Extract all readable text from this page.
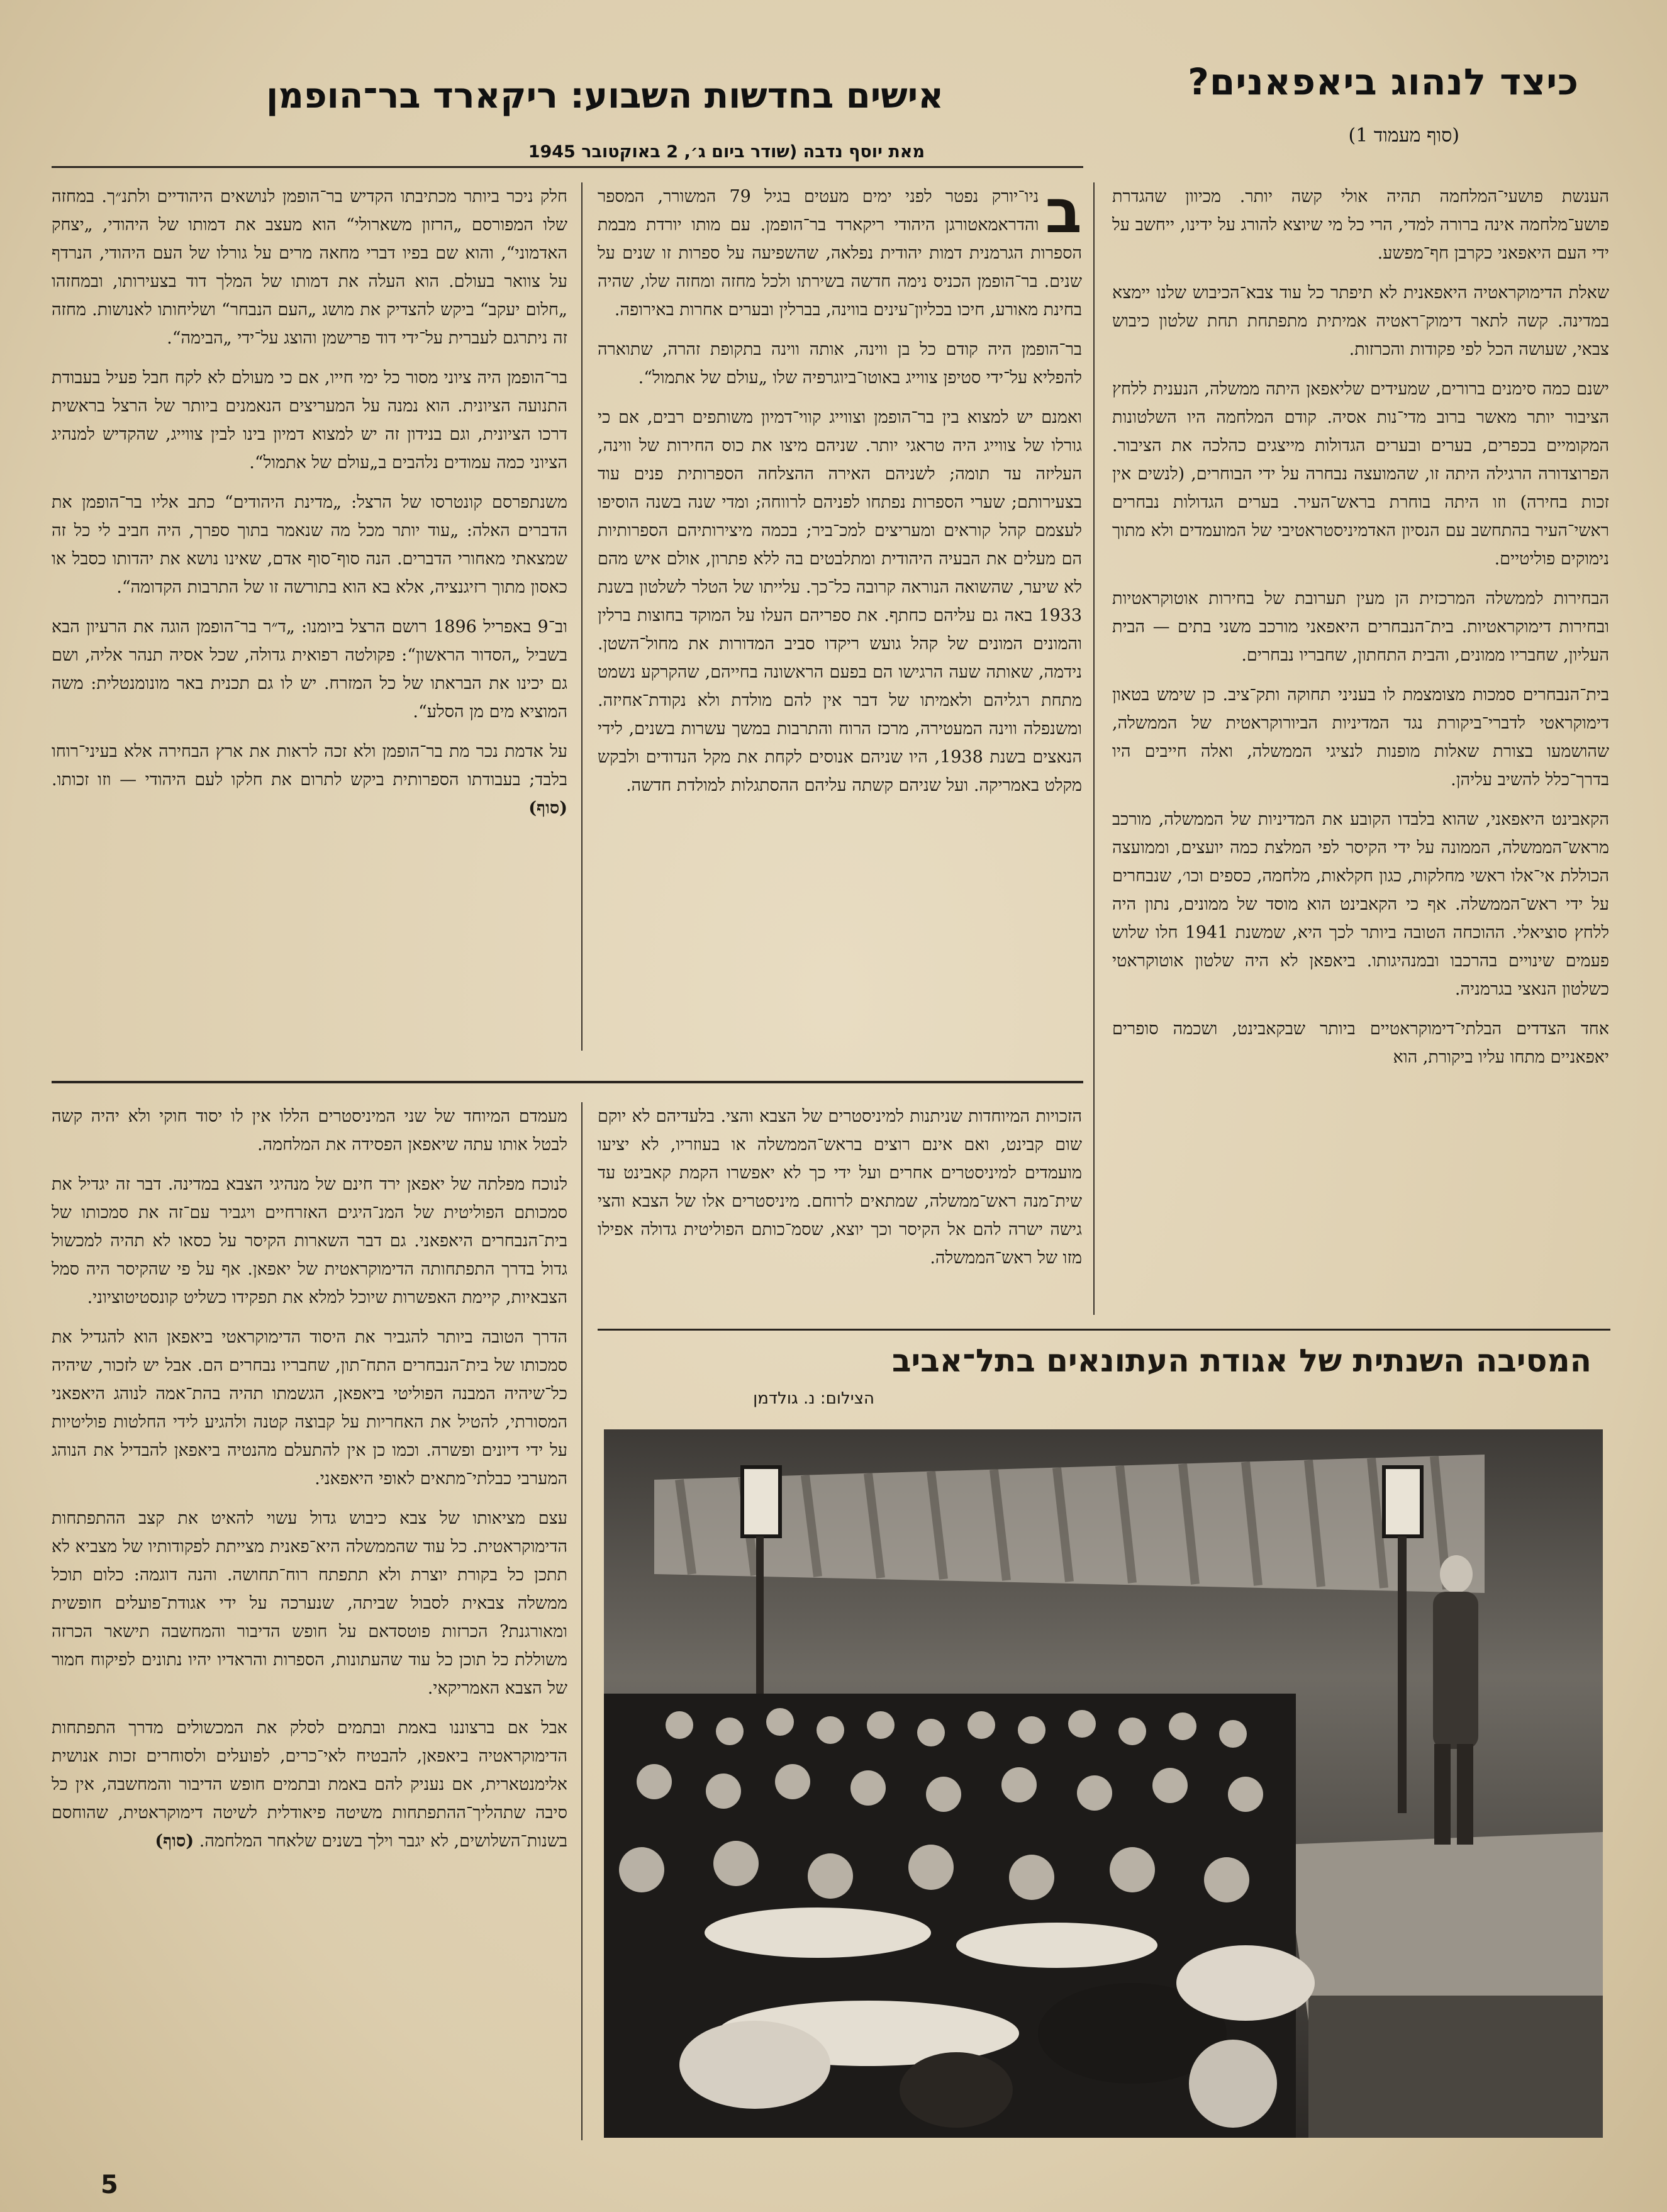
כיצד לנהוג ביאפאנים?
(סוף מעמוד 1)
אישים בחדשות השבוע: ריקארד בר־הופמן
מאת יוסף נדבה (שודר ביום ג׳, 2 באוקטובר 1945

הענשת פושעי־המלחמה תהיה אולי קשה יותר. מכיוון שהגדרת פושע־מלחמה אינה ברורה למדי, הרי כל מי שיוצא להורג על ידינו, ייחשב על ידי העם היאפאני כקרבן חף־מפשע.

שאלת הדימוקראטיה היאפאנית לא תיפתר כל עוד צבא־הכיבוש שלנו יימצא במדינה. קשה לתאר דימוק־ראטיה אמיתית מתפתחת תחת שלטון כיבוש צבאי, שעושה הכל לפי פקודות והכרזות.

ישנם כמה סימנים ברורים, שמעידים שליאפאן היתה ממשלה, הנענית ללחץ הציבור יותר מאשר ברוב מדי־נות אסיה. קודם המלחמה היו השלטונות המקומיים בכפרים, בערים ובערים הגדולות מייצגים כהלכה את הציבור. הפרוצדורה הרגילה היתה זו, שהמועצה נבחרה על ידי הבוחרים, (לנשים אין זכות בחירה) וזו היתה בוחרת בראש־העיר. בערים הגדולות נבחרים ראשי־העיר בהתחשב עם הנסיון האדמיניסטראטיבי של המועמדים ולא מתוך נימוקים פוליטיים.

הבחירות לממשלה המרכזית הן מעין תערובת של בחירות אוטוקראטיות ובחירות דימוקראטיות. בית־הנבחרים היאפאני מורכב משני בתים — הבית העליון, שחבריו ממונים, והבית התחתון, שחבריו נבחרים.

בית־הנבחרים סמכות מצומצמת לו בעניני תחוקה ותק־ציב. כן שימש בטאון דימוקראטי לדברי־ביקורת נגד המדיניות הביורוקראטית של הממשלה, שהושמעו בצורת שאלות מופנות לנציגי הממשלה, ואלה חייבים היו בדרך־כלל להשיב עליהן.

הקאבינט היאפאני, שהוא בלבדו הקובע את המדיניות של הממשלה, מורכב מראש־הממשלה, הממונה על ידי הקיסר לפי המלצת כמה יועצים, וממועצה הכוללת אי־אלו ראשי מחלקות, כגון חקלאות, מלחמה, כספים וכו׳, שנבחרים על ידי ראש־הממשלה. אף כי הקאבינט הוא מוסד של ממונים, נתון היה ללחץ סוציאלי. ההוכחה הטובה ביותר לכך היא, שמשנת 1941 חלו שלוש פעמים שינויים בהרכבו ובמנהיגותו. ביאפאן לא היה שלטון אוטוקראטי כשלטון הנאצי בגרמניה.

אחד הצדדים הבלתי־דימוקראטיים ביותר שבקאבינט, ושכמה סופרים יאפאניים מתחו עליו ביקורת, הוא

ב
ניו־יורק נפטר לפני ימים מעטים בגיל 79 המשורר, המספר והדראמאטורגן היהודי ריקארד בר־הופמן. עם מותו יורדת מבמת הספרות הגרמנית דמות יהודית נפלאה, שהשפיעה על ספרות זו שנים על שנים. בר־הופמן הכניס נימה חדשה בשירתו ולכל מחזה ומחזה שלו, שהיה בחינת מאורע, חיכו בכליון־עינים בווינה, בברלין ובערים אחרות באירופה.

בר־הופמן היה קודם כל בן ווינה, אותה ווינה בתקופת זהרה, שתוארה להפליא על־ידי סטיפן צווייג באוטו־ביוגרפיה שלו „עולם של אתמול“.

ואמנם יש למצוא בין בר־הופמן וצווייג קווי־דמיון משותפים רבים, אם כי גורלו של צווייג היה טראגי יותר. שניהם מיצו את כוס החירות של ווינה, העליזה עד תומה; לשניהם האירה ההצלחה הספרותית פנים עוד בצעירותם; שערי הספרות נפתחו לפניהם לרווחה; ומדי שנה בשנה הוסיפו לעצמם קהל קוראים ומעריצים למכ־ביר; בכמה מיצירותיהם הספרותיות הם מעלים את הבעיה היהודית ומתלבטים בה ללא פתרון, אולם איש מהם לא שיער, שהשואה הנוראה קרובה כל־כך. עלייתו של הטלר לשלטון בשנת 1933 באה גם עליהם כחתף. את ספריהם העלו על המוקד בחוצות ברלין והמונים המונים של קהל גועש ריקדו סביב המדורות את מחול־השטן. נידמה, שאותה שעה הרגישו הם בפעם הראשונה בחייהם, שהקרקע נשמט מתחת רגליהם ולאמיתו של דבר אין להם מולדת ולא נקודת־אחיזה. ומשנפלה ווינה המעטירה, מרכז הרוח והתרבות במשך עשרות בשנים, לידי הנאצים בשנת 1938, היו שניהם אנוסים לקחת את מקל הנדודים ולבקש מקלט באמריקה. ועל שניהם קשתה עליהם ההסתגלות למולדת חדשה.

חלק ניכר ביותר מכתיבתו הקדיש בר־הופמן לנושאים היהודיים ולתנ״ך. במחזה שלו המפורסם „הרזון משארולי“ הוא מעצב את דמותו של היהודי, „יצחק האדמוני“, והוא שם בפיו דברי מחאה מרים על גורלו של העם היהודי, הנרדף על צוואר בעולם. הוא העלה את דמותו של המלך דוד בצעירותו, ובמחזהו „חלום יעקב“ ביקש להצדיק את מושג „העם הנבחר“ ושליחותו לאנושות. מחזה זה ניתרגם לעברית על־ידי דוד פרישמן והוצג על־ידי „הבימה“.

בר־הופמן היה ציוני מסור כל ימי חייו, אם כי מעולם לא לקח חבל פעיל בעבודת התנועה הציונית. הוא נמנה על המעריצים הנאמנים ביותר של הרצל בראשית דרכו הציונית, וגם בנידון זה יש למצוא דמיון בינו לבין צווייג, שהקדיש למנהיג הציוני כמה עמודים נלהבים ב„עולם של אתמול“.

משנתפרסם קונטרסו של הרצל: „מדינת היהודים“ כתב אליו בר־הופמן את הדברים האלה: „עוד יותר מכל מה שנאמר בתוך ספרך, היה חביב לי כל זה שמצאתי מאחורי הדברים. הנה סוף־סוף אדם, שאינו נושא את יהדותו כסבל או כאסון מתוך רזיגנציה, אלא בא הוא בתורשה זו של התרבות הקדומה“.

וב־9 באפריל 1896 רושם הרצל ביומנו: „ד״ר בר־הופמן הוגה את הרעיון הבא בשביל „הסדור הראשון“: פקולטה רפואית גדולה, שכל אסיה תנהר אליה, ושם גם יכינו את הבראתו של כל המזרח. יש לו גם תכנית באר מונומנטלית: משה המוציא מים מן הסלע“.

על אדמת נכר מת בר־הופמן ולא זכה לראות את ארץ הבחירה אלא בעיני־רוחו בלבד; בעבודתו הספרותית ביקש לתרום את חלקו לעם היהודי — וזו זכותו. (סוף)

הזכויות המיוחדות שניתנות למיניסטרים של הצבא והצי. בלעדיהם לא יוקם שום קבינט, ואם אינם רוצים בראש־הממשלה או בעוזריו, לא יציעו מועמדים למיניסטרים אחרים ועל ידי כך לא יאפשרו הקמת קאבינט עד שית־מנה ראש־ממשלה, שמתאים לרוחם. מיניסטרים אלו של הצבא והצי גישה ישרה להם אל הקיסר וכך יוצא, שסמ־כותם הפוליטית גדולה אפילו מזו של ראש־הממשלה.

מעמדם המיוחד של שני המיניסטרים הללו אין לו יסוד חוקי ולא יהיה קשה לבטל אותו עתה שיאפאן הפסידה את המלחמה.

לנוכח מפלתה של יאפאן ירד חינם של מנהיגי הצבא במדינה. דבר זה יגדיל את סמכותם הפוליטית של המנ־היגים האזרחיים ויגביר עם־זה את סמכותו של בית־הנבחרים היאפאני. גם דבר השארות הקיסר על כסאו לא תהיה למכשול גדול בדרך התפתחותה הדימוקראטית של יאפאן. אף על פי שהקיסר היה סמל הצבאיות, קיימת האפשרות שיוכל למלא את תפקידו כשליט קונסטיטוציוני.

הדרך הטובה ביותר להגביר את היסוד הדימוקראטי ביאפאן הוא להגדיל את סמכותו של בית־הנבחרים התח־תון, שחבריו נבחרים הם. אבל יש לזכור, שיהיה כל־שיהיה המבנה הפוליטי ביאפאן, הגשמתו תהיה בהת־אמה לנוהג היאפאני המסורתי, להטיל את האחריות על קבוצה קטנה ולהגיע לידי החלטות פוליטיות על ידי דיונים ופשרה. וכמו כן אין להתעלם מהנטיה ביאפאן להבדיל את הנוהג המערבי כבלתי־מתאים לאופי היאפאני.

עצם מציאותו של צבא כיבוש גדול עשוי להאיט את קצב ההתפתחות הדימוקראטית. כל עוד שהממשלה היא־פאנית מצייתת לפקודותיו של מצביא לא תתכן כל בקורת יוצרת ולא תתפתח רוח־תחושה. והנה דוגמה: כלום תוכל ממשלה צבאית לסבול שביתה, שנערכה על ידי אגודת־פועלים חופשית ומאורגנת? הכרזות פוטסדאם על חופש הדיבור והמחשבה תישאר הכרזה משוללת כל תוכן כל עוד שהעתונות, הספרות והראדיו יהיו נתונים לפיקוח חמור של הצבא האמריקאי.

אבל אם ברצוננו באמת ובתמים לסלק את המכשולים מדרך התפתחות הדימוקראטיה ביאפאן, להבטיח לאי־כרים, לפועלים ולסוחרים זכות אנושית אלימנטארית, אם נעניק להם באמת ובתמים חופש הדיבור והמחשבה, אין כל סיבה שתהליך־ההתפתחות משיטה פיאודלית לשיטה דימוקראטית, שהוחסם בשנות־השלושים, לא יגבר וילך בשנים שלאחר המלחמה. (סוף)

המסיבה השנתית של אגודת העתונאים בתל־אביב
הצילום: נ. גולדמן
5
